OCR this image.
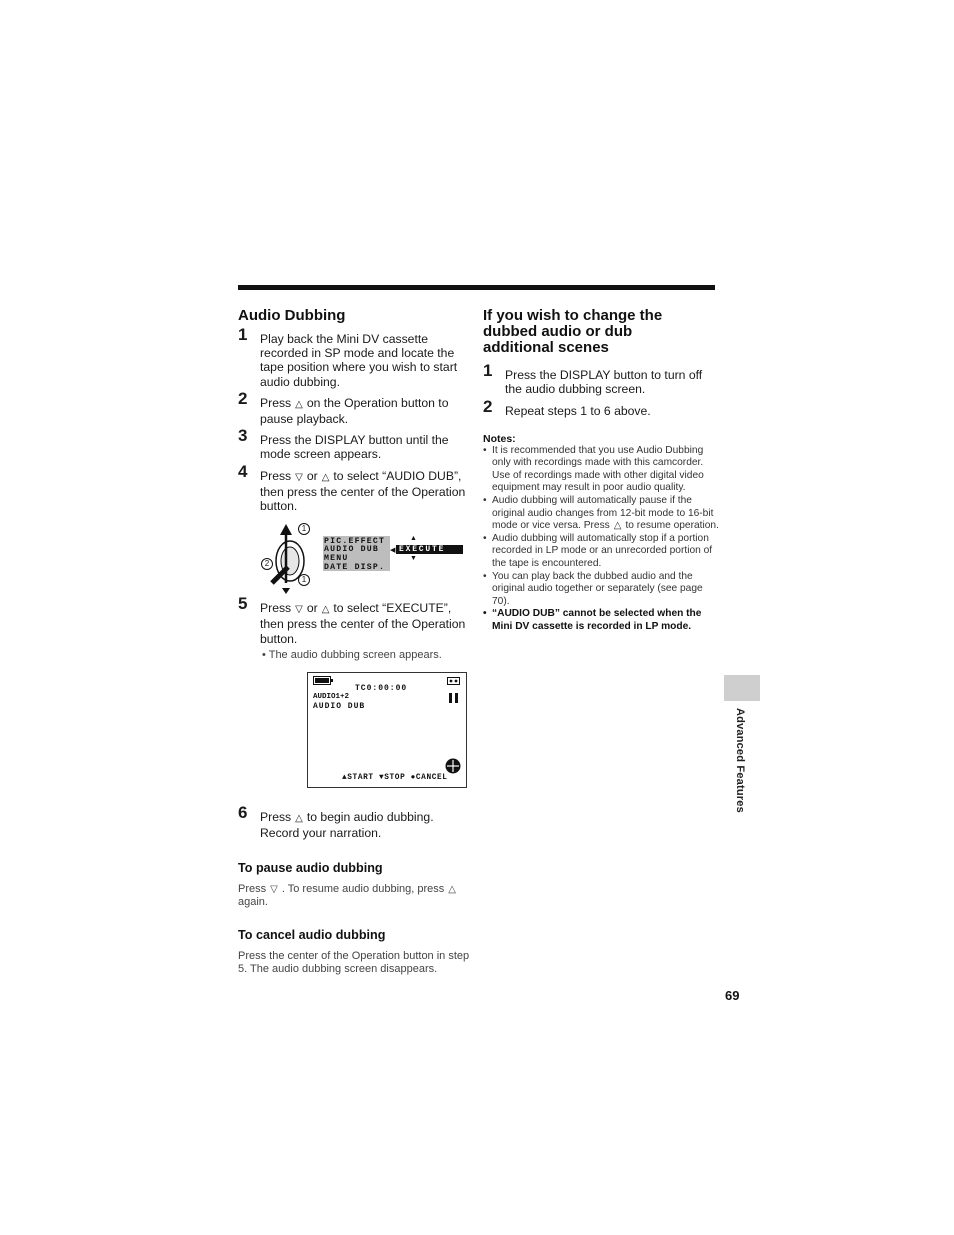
Audio Dubbing
1 Play back the Mini DV cassette recorded in SP mode and locate the tape position where you wish to start audio dubbing.
2 Press △ on the Operation button to pause playback.
3 Press the DISPLAY button until the mode screen appears.
4 Press ▽ or △ to select “AUDIO DUB”, then press the center of the Operation button.
1
2
1
PIC.EFFECT
AUDIO DUB
MENU
DATE DISP.
◀
▲
EXECUTE
▼
5 Press ▽ or △ to select “EXECUTE”, then press the center of the Operation button.
• The audio dubbing screen appears.
TC0:00:00
AUDIO1+2
AUDIO DUB
▲START ▼STOP ●CANCEL
6 Press △ to begin audio dubbing. Record your narration.
To pause audio dubbing
Press ▽ . To resume audio dubbing, press △again.
To cancel audio dubbing
Press the center of the Operation button in step 5. The audio dubbing screen disappears.
If you wish to change the dubbed audio or dub additional scenes
1 Press the DISPLAY button to turn off the audio dubbing screen.
2 Repeat steps 1 to 6 above.
Notes:
• It is recommended that you use Audio Dubbing only with recordings made with this camcorder. Use of recordings made with other digital video equipment may result in poor audio quality.
• Audio dubbing will automatically pause if the original audio changes from 12-bit mode to 16-bit mode or vice versa. Press △ to resume operation.
• Audio dubbing will automatically stop if a portion recorded in LP mode or an unrecorded portion of the tape is encountered.
• You can play back the dubbed audio and the original audio together or separately (see page 70).
• “AUDIO DUB” cannot be selected when the Mini DV cassette is recorded in LP mode.
Advanced Features
69
